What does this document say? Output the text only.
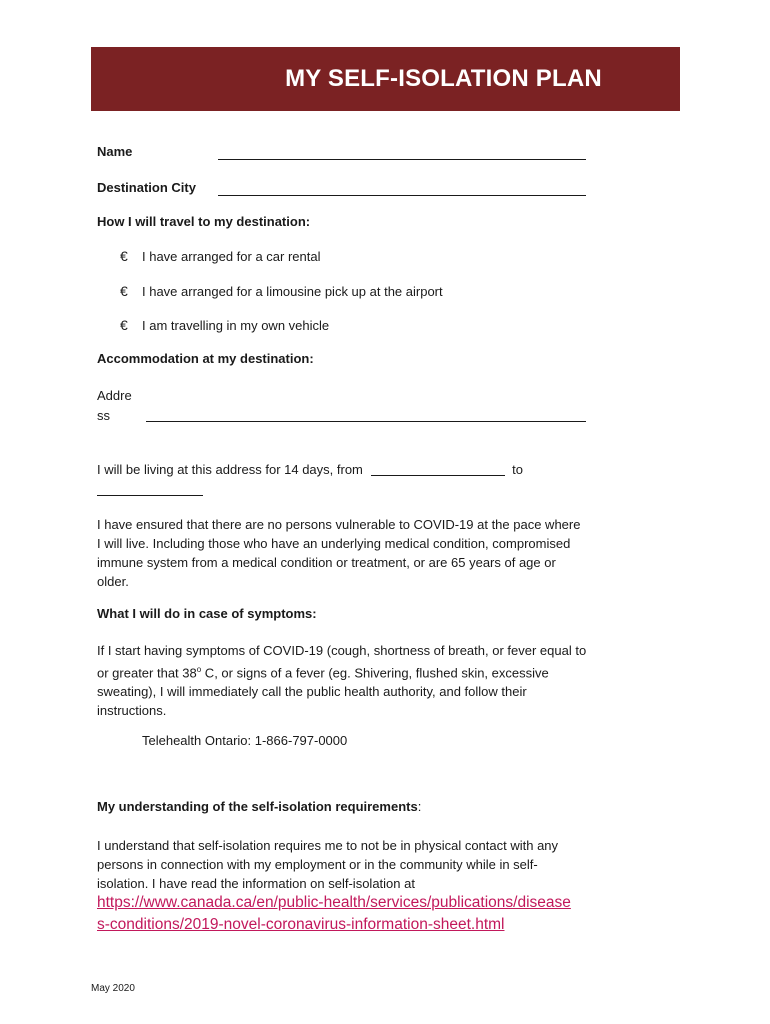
MY SELF-ISOLATION PLAN
Name
Destination City
How I will travel to my destination:
€	I have arranged for a car rental
€	I have arranged for a limousine pick up at the airport
€	I am travelling in my own vehicle
Accommodation at my destination:
Addre
ss
I will be living at this address for 14 days, from	to

I have ensured that there are no persons vulnerable to COVID-19 at the pace where I will live. Including those who have an underlying medical condition, compromised immune system from a medical condition or treatment, or are 65 years of age or older.

What I will do in case of symptoms:

If I start having symptoms of COVID-19 (cough, shortness of breath, or fever equal to or greater that 38$^o$ C, or signs of a fever (eg. Shivering, flushed skin, excessive sweating), I will immediately call the public health authority, and follow their instructions.

Telehealth Ontario: 1-866-797-0000
My understanding of the self-isolation requirements:

I understand that self-isolation requires me to not be in physical contact with any persons in connection with my employment or in the community while in self-isolation. I have read the information on self-isolation at

https://www.canada.ca/en/public-health/services/publications/diseases-conditions/2019-novel-coronavirus-information-sheet.html

May 2020
